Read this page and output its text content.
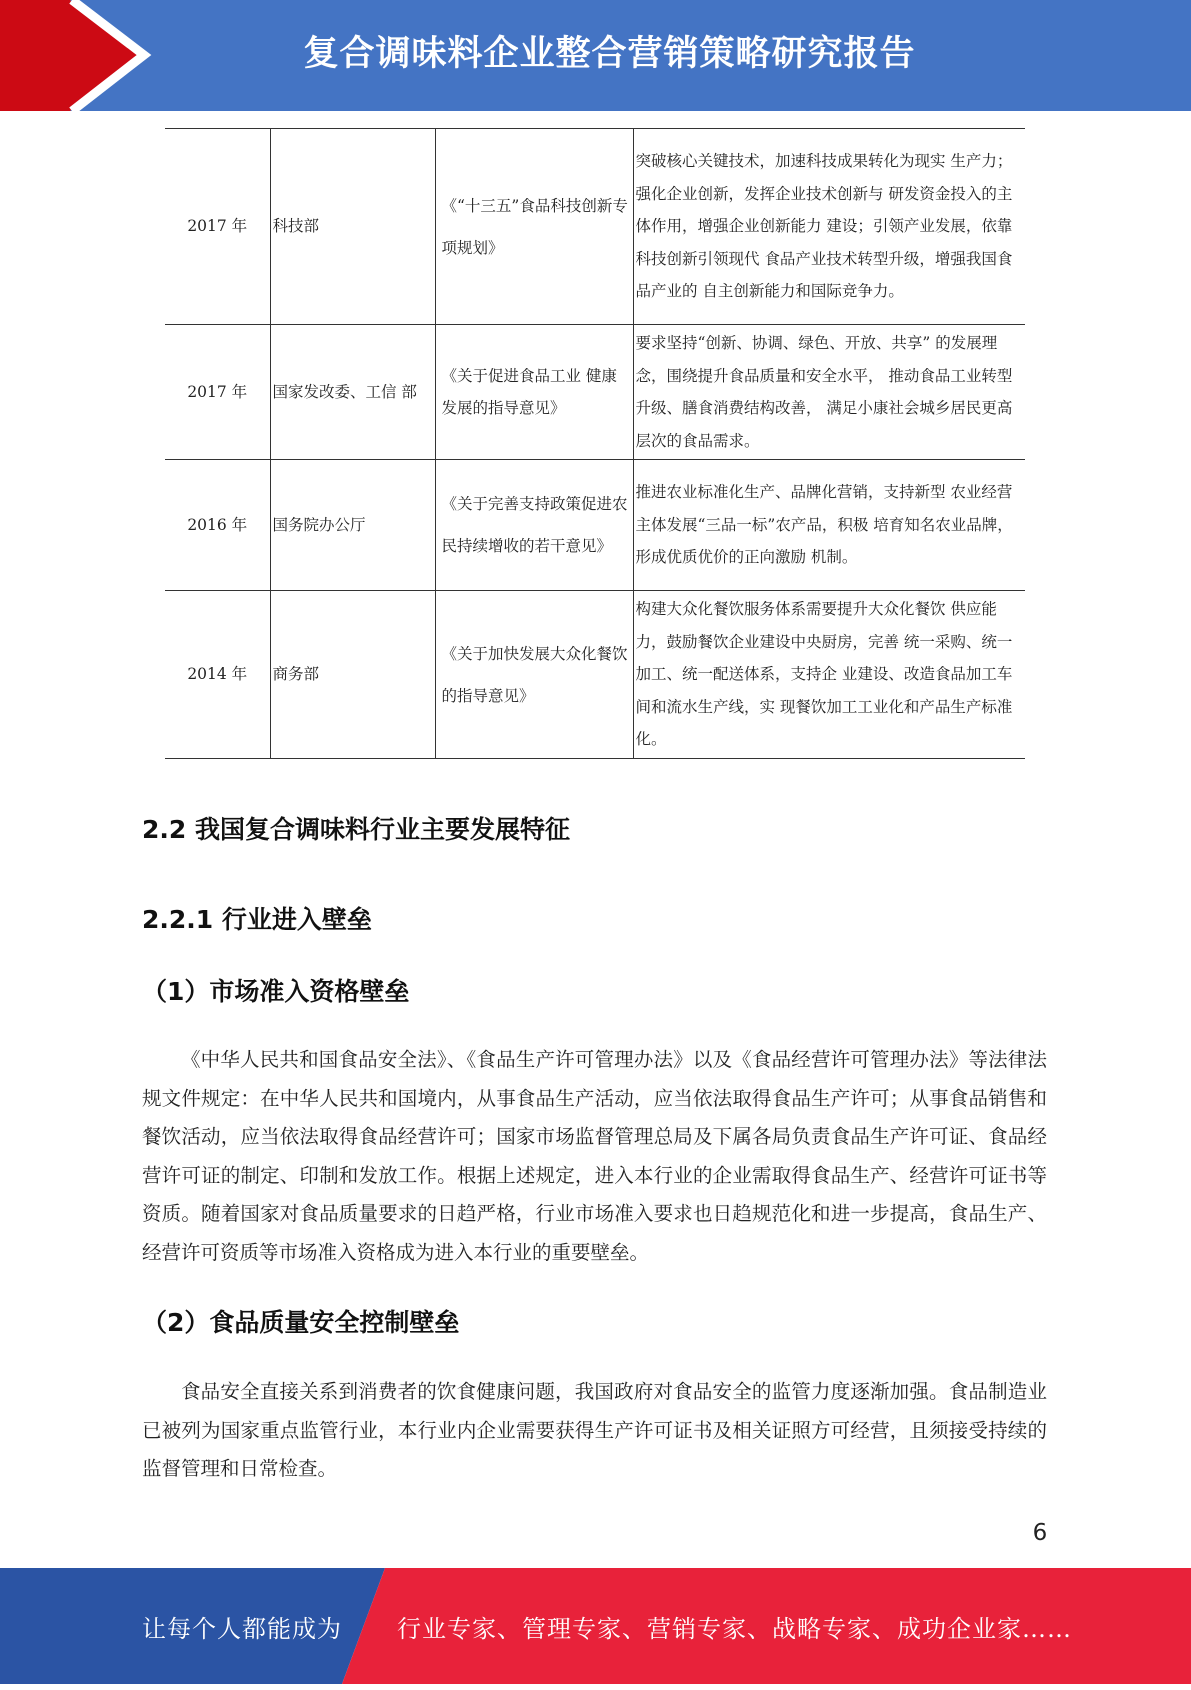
复合调味料企业整合营销策略研究报告
2017 年	科技部	《“十三五”食品科技创新专项规划》	突破核心关键技术，加速科技成果转化为现实 生产力；强化企业创新，发挥企业技术创新与 研发资金投入的主体作用，增强企业创新能力 建设；引领产业发展，依靠科技创新引领现代 食品产业技术转型升级，增强我国食品产业的 自主创新能力和国际竞争力。
2017 年	国家发改委、工信 部	《关于促进食品工业 健康发展的指导意见》	要求坚持“创新、协调、绿色、开放、共享” 的发展理念，围绕提升食品质量和安全水平， 推动食品工业转型升级、膳食消费结构改善， 满足小康社会城乡居民更高层次的食品需求。
2016 年	国务院办公厅	《关于完善支持政策促进农民持续增收的若干意见》	推进农业标准化生产、品牌化营销，支持新型 农业经营主体发展“三品一标”农产品，积极 培育知名农业品牌，形成优质优价的正向激励 机制。
2014 年	商务部	《关于加快发展大众化餐饮的指导意见》	构建大众化餐饮服务体系需要提升大众化餐饮 供应能力，鼓励餐饮企业建设中央厨房，完善 统一采购、统一加工、统一配送体系，支持企 业建设、改造食品加工车间和流水生产线，实 现餐饮加工工业化和产品生产标准化。
2.2 我国复合调味料行业主要发展特征
2.2.1 行业进入壁垒
（1）市场准入资格壁垒

《中华人民共和国食品安全法》、《食品生产许可管理办法》以及《食品经营许可管理办法》等法律法规文件规定：在中华人民共和国境内，从事食品生产活动，应当依法取得食品生产许可；从事食品销售和餐饮活动，应当依法取得食品经营许可；国家市场监督管理总局及下属各局负责食品生产许可证、食品经营许可证的制定、印制和发放工作。根据上述规定，进入本行业的企业需取得食品生产、经营许可证书等资质。随着国家对食品质量要求的日趋严格，行业市场准入要求也日趋规范化和进一步提高，食品生产、经营许可资质等市场准入资格成为进入本行业的重要壁垒。

（2）食品质量安全控制壁垒

食品安全直接关系到消费者的饮食健康问题，我国政府对食品安全的监管力度逐渐加强。食品制造业已被列为国家重点监管行业，本行业内企业需要获得生产许可证书及相关证照方可经营，且须接受持续的监督管理和日常检查。

6
让每个人都能成为 行业专家、管理专家、营销专家、战略专家、成功企业家……
